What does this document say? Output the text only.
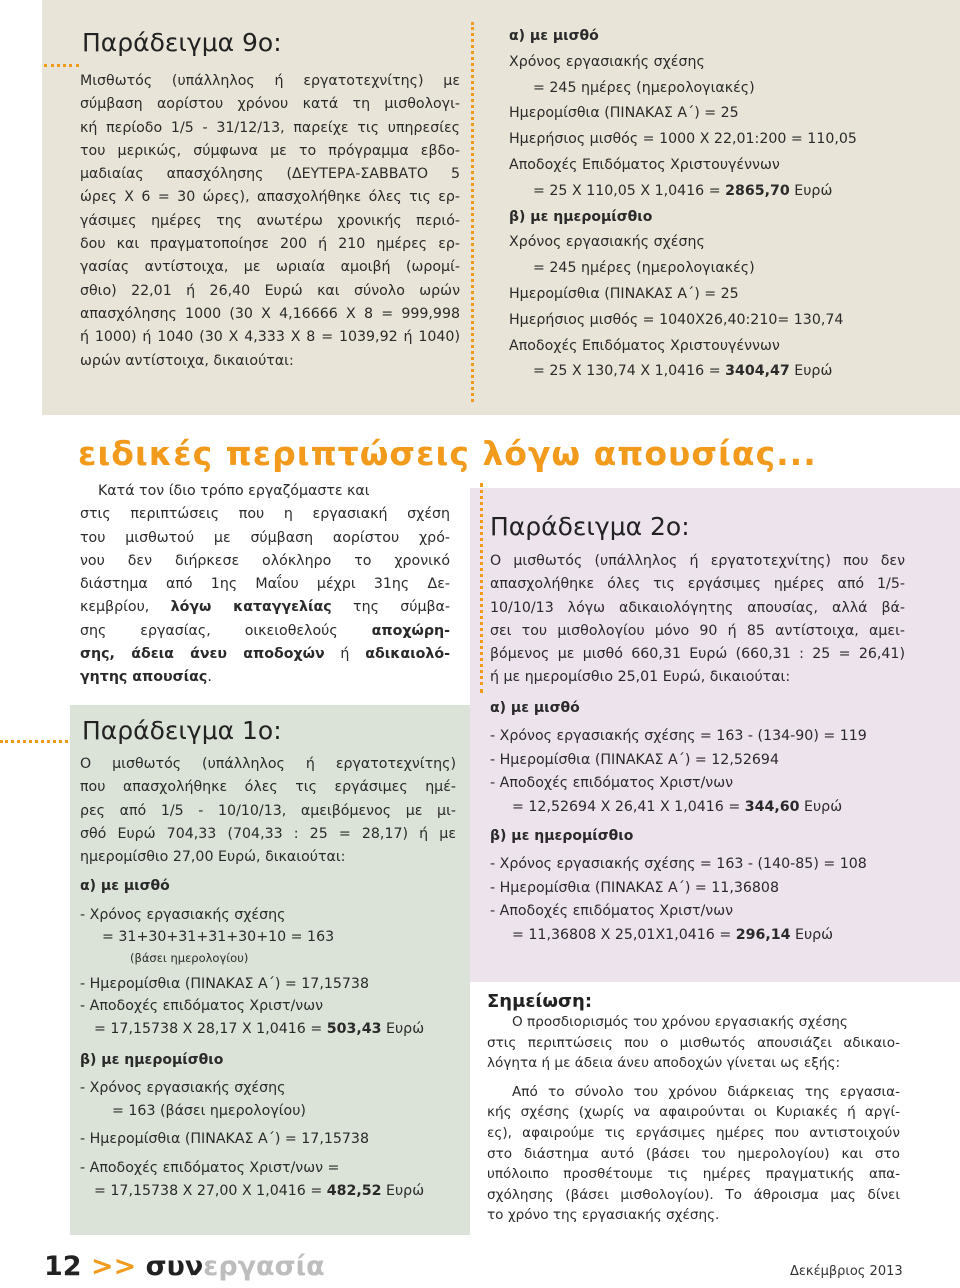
Παράδειγμα 9ο:
Μισθωτός (υπάλληλος ή εργατοτεχνίτης) με
σύμβαση αορίστου χρόνου κατά τη μισθολογι-
κή περίοδο 1/5 - 31/12/13, παρείχε τις υπηρεσίες
του μερικώς, σύμφωνα με το πρόγραμμα εβδο-
μαδιαίας απασχόλησης (ΔΕΥΤΕΡΑ-ΣΑΒΒΑΤΟ 5
ώρες Χ 6 = 30 ώρες), απασχολήθηκε όλες τις ερ-
γάσιμες ημέρες της ανωτέρω χρονικής περιό-
δου και πραγματοποίησε 200 ή 210 ημέρες ερ-
γασίας αντίστοιχα, με ωριαία αμοιβή (ωρομί-
σθιο) 22,01 ή 26,40 Ευρώ και σύνολο ωρών
απασχόλησης 1000 (30 Χ 4,16666 Χ 8 = 999,998
ή 1000) ή 1040 (30 Χ 4,333 Χ 8 = 1039,92 ή 1040)
ωρών αντίστοιχα, δικαιούται:
α) με μισθό
Χρόνος εργασιακής σχέσης
= 245 ημέρες (ημερολογιακές)
Ημερομίσθια (ΠΙΝΑΚΑΣ Α΄) = 25
Ημερήσιος μισθός = 1000 Χ 22,01:200 = 110,05
Αποδοχές Επιδόματος Χριστουγέννων
= 25 Χ 110,05 Χ 1,0416 = 2865,70 Ευρώ
β) με ημερομίσθιο
Χρόνος εργασιακής σχέσης
= 245 ημέρες (ημερολογιακές)
Ημερομίσθια (ΠΙΝΑΚΑΣ Α΄) = 25
Ημερήσιος μισθός = 1040Χ26,40:210= 130,74
Αποδοχές Επιδόματος Χριστουγέννων
= 25 Χ 130,74 Χ 1,0416 = 3404,47 Ευρώ
ειδικές περιπτώσεις λόγω απουσίας...
Κατά τον ίδιο τρόπο εργαζόμαστε και
στις περιπτώσεις που η εργασιακή σχέση
του μισθωτού με σύμβαση αορίστου χρό-
νου δεν διήρκεσε ολόκληρο το χρονικό
διάστημα από 1ης Μαΐου μέχρι 31ης Δε-
κεμβρίου, λόγω καταγγελίας της σύμβα-
σης εργασίας, οικειοθελούς αποχώρη-
σης, άδεια άνευ αποδοχών ή αδικαιολό-
γητης απουσίας.
Παράδειγμα 1ο:
Ο μισθωτός (υπάλληλος ή εργατοτεχνίτης)
που απασχολήθηκε όλες τις εργάσιμες ημέ-
ρες από 1/5 - 10/10/13, αμειβόμενος με μι-
σθό Ευρώ 704,33 (704,33 : 25 = 28,17) ή με
ημερομίσθιο 27,00 Ευρώ, δικαιούται:
α) με μισθό
- Χρόνος εργασιακής σχέσης
= 31+30+31+31+30+10 = 163
(βάσει ημερολογίου)
- Ημερομίσθια (ΠΙΝΑΚΑΣ Α΄) = 17,15738
- Αποδοχές επιδόματος Χριστ/νων
= 17,15738 Χ 28,17 Χ 1,0416 = 503,43 Ευρώ
β) με ημερομίσθιο
- Χρόνος εργασιακής σχέσης
= 163 (βάσει ημερολογίου)
- Ημερομίσθια (ΠΙΝΑΚΑΣ Α΄) = 17,15738
- Αποδοχές επιδόματος Χριστ/νων =
= 17,15738 Χ 27,00 Χ 1,0416 = 482,52 Ευρώ
Παράδειγμα 2ο:
Ο μισθωτός (υπάλληλος ή εργατοτεχνίτης) που δεν
απασχολήθηκε όλες τις εργάσιμες ημέρες από 1/5-
10/10/13 λόγω αδικαιολόγητης απουσίας, αλλά βά-
σει του μισθολογίου μόνο 90 ή 85 αντίστοιχα, αμει-
βόμενος με μισθό 660,31 Ευρώ (660,31 : 25 = 26,41)
ή με ημερομίσθιο 25,01 Ευρώ, δικαιούται:
α) με μισθό
- Χρόνος εργασιακής σχέσης = 163 - (134-90) = 119
- Ημερομίσθια (ΠΙΝΑΚΑΣ Α΄) = 12,52694
- Αποδοχές επιδόματος Χριστ/νων
= 12,52694 Χ 26,41 Χ 1,0416 = 344,60 Ευρώ
β) με ημερομίσθιο
- Χρόνος εργασιακής σχέσης = 163 - (140-85) = 108
- Ημερομίσθια (ΠΙΝΑΚΑΣ Α΄) = 11,36808
- Αποδοχές επιδόματος Χριστ/νων
= 11,36808 Χ 25,01Χ1,0416 = 296,14 Ευρώ
Σημείωση:
Ο προσδιορισμός του χρόνου εργασιακής σχέσης
στις περιπτώσεις που ο μισθωτός απουσιάζει αδικαιο-
λόγητα ή με άδεια άνευ αποδοχών γίνεται ως εξής:
Από το σύνολο του χρόνου διάρκειας της εργασια-
κής σχέσης (χωρίς να αφαιρούνται οι Κυριακές ή αργί-
ες), αφαιρούμε τις εργάσιμες ημέρες που αντιστοιχούν
στο διάστημα αυτό (βάσει του ημερολογίου) και στο
υπόλοιπο προσθέτουμε τις ημέρες πραγματικής απα-
σχόλησης (βάσει μισθολογίου). Το άθροισμα μας δίνει
το χρόνο της εργασιακής σχέσης.
12 >> συνεργασία	Δεκέμβριος 2013
